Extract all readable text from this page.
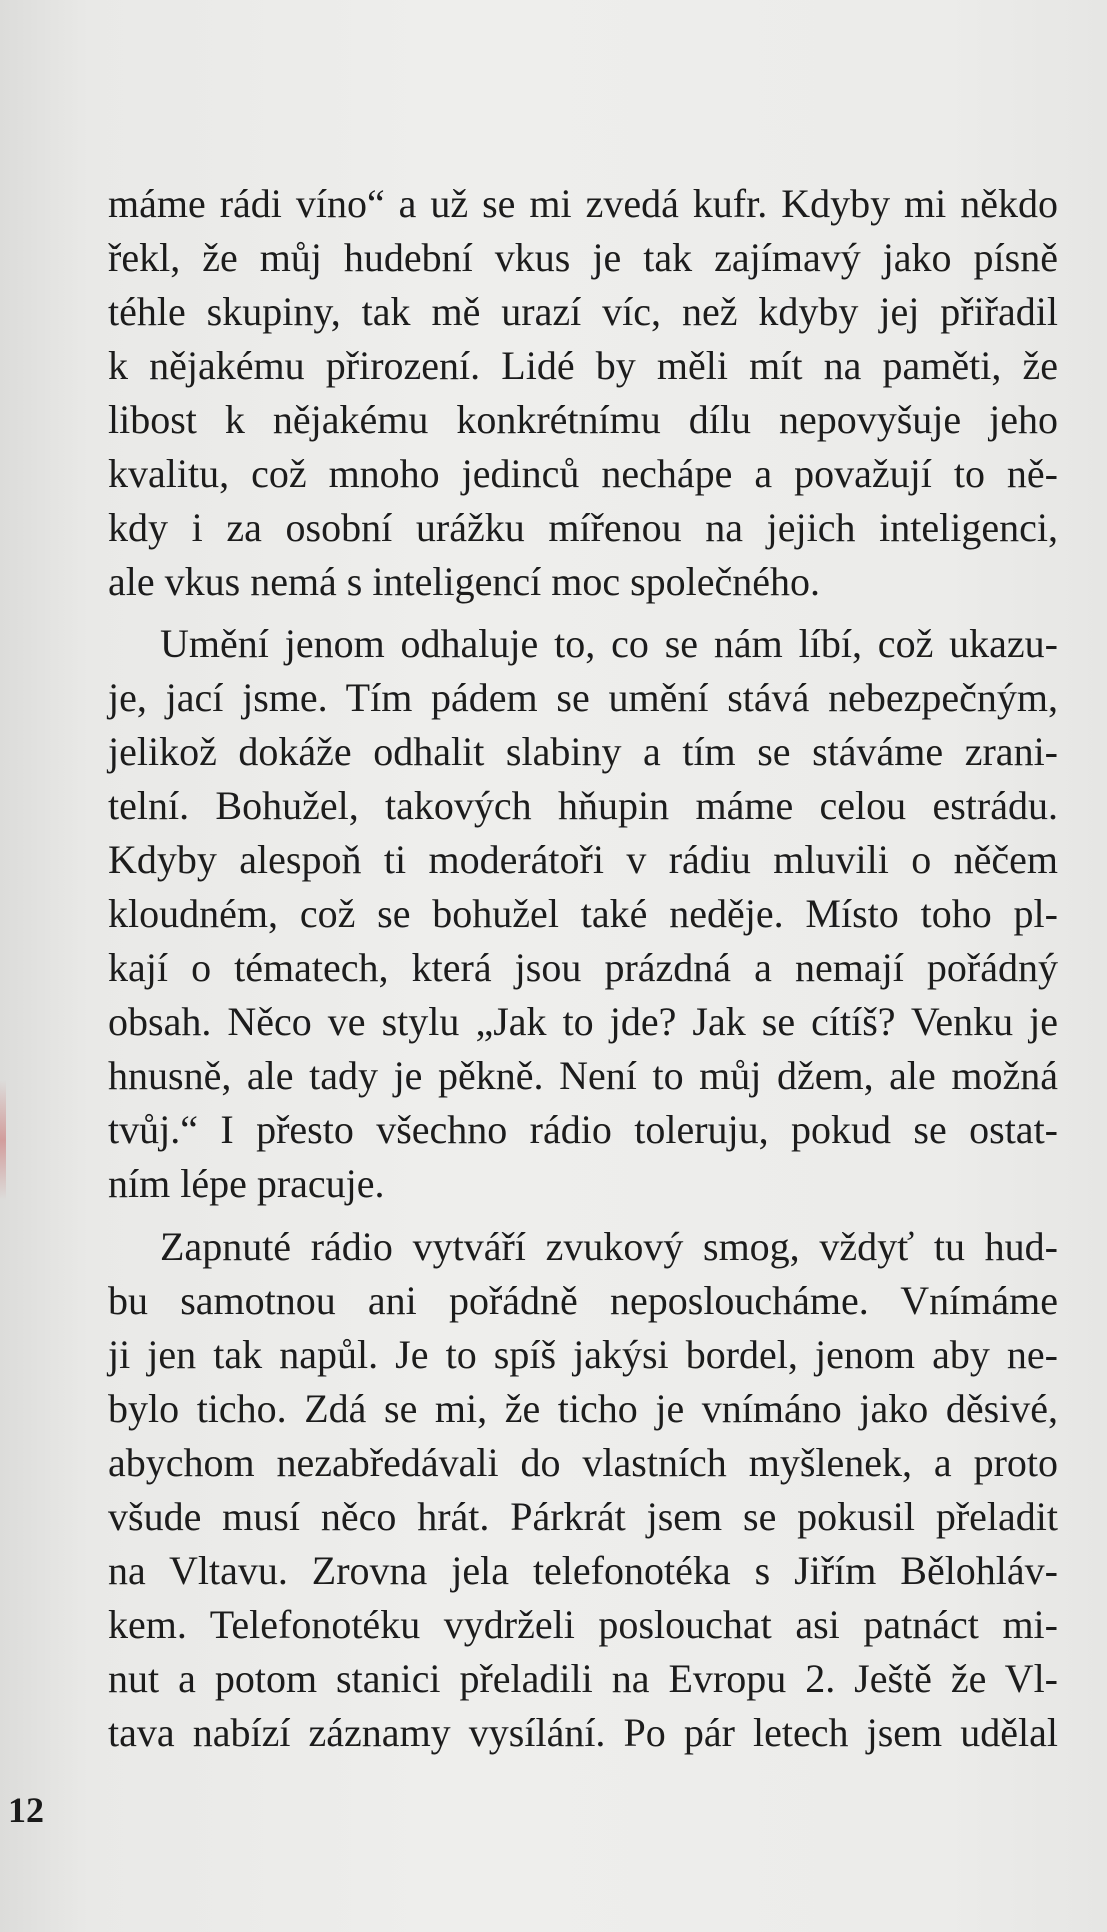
máme rádi víno“ a už se mi zvedá kufr. Kdyby mi někdo
řekl, že můj hudební vkus je tak zajímavý jako písně
téhle skupiny, tak mě urazí víc, než kdyby jej přiřadil
k nějakému přirození. Lidé by měli mít na paměti, že
libost k nějakému konkrétnímu dílu nepovyšuje jeho
kvalitu, což mnoho jedinců nechápe a považují to ně-
kdy i za osobní urážku mířenou na jejich inteligenci,
ale vkus nemá s inteligencí moc společného.
Umění jenom odhaluje to, co se nám líbí, což ukazu-
je, jací jsme. Tím pádem se umění stává nebezpečným,
jelikož dokáže odhalit slabiny a tím se stáváme zrani-
telní. Bohužel, takových hňupin máme celou estrádu.
Kdyby alespoň ti moderátoři v rádiu mluvili o něčem
kloudném, což se bohužel také neděje. Místo toho pl-
kají o tématech, která jsou prázdná a nemají pořádný
obsah. Něco ve stylu „Jak to jde? Jak se cítíš? Venku je
hnusně, ale tady je pěkně. Není to můj džem, ale možná
tvůj.“ I přesto všechno rádio toleruju, pokud se ostat-
ním lépe pracuje.
Zapnuté rádio vytváří zvukový smog, vždyť tu hud-
bu samotnou ani pořádně neposloucháme. Vnímáme
ji jen tak napůl. Je to spíš jakýsi bordel, jenom aby ne-
bylo ticho. Zdá se mi, že ticho je vnímáno jako děsivé,
abychom nezabředávali do vlastních myšlenek, a proto
všude musí něco hrát. Párkrát jsem se pokusil přeladit
na Vltavu. Zrovna jela telefonotéka s Jiřím Bělohláv-
kem. Telefonotéku vydrželi poslouchat asi patnáct mi-
nut a potom stanici přeladili na Evropu 2. Ještě že Vl-
tava nabízí záznamy vysílání. Po pár letech jsem udělal
12
